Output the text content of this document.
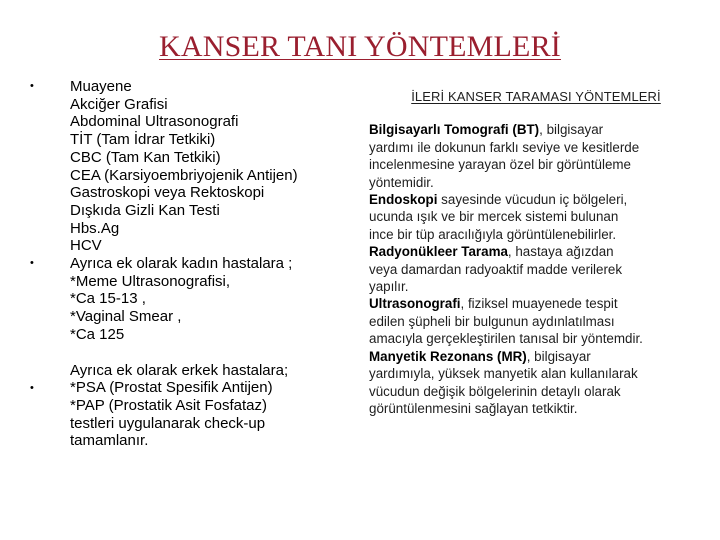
KANSER TANI YÖNTEMLERİ
• Muayene
Akciğer Grafisi
Abdominal Ultrasonografi
TİT (Tam İdrar Tetkiki)
CBC (Tam Kan Tetkiki)
CEA (Karsiyoembriyojenik Antijen)
Gastroskopi veya Rektoskopi
Dışkıda Gizli Kan Testi
Hbs.Ag
HCV
• Ayrıca ek olarak kadın hastalara ;
*Meme Ultrasonografisi,
*Ca 15-13 ,
*Vaginal Smear ,
*Ca 125
•
Ayrıca ek olarak erkek hastalara;
*PSA (Prostat Spesifik Antijen)
*PAP (Prostatik Asit Fosfataz)
testleri uygulanarak check-up
tamamlanır.
İLERİ KANSER TARAMASI YÖNTEMLERİ
Bilgisayarlı Tomografi (BT), bilgisayar
yardımı ile dokunun farklı seviye ve kesitlerde
incelenmesine yarayan özel bir görüntüleme
yöntemidir.
Endoskopi sayesinde vücudun iç bölgeleri,
ucunda ışık ve bir mercek sistemi bulunan
ince bir tüp aracılığıyla görüntülenebilirler.
Radyonükleer Tarama, hastaya ağızdan
veya damardan radyoaktif madde verilerek
yapılır.
Ultrasonografi, fiziksel muayenede tespit
edilen şüpheli bir bulgunun aydınlatılması
amacıyla gerçekleştirilen tanısal bir yöntemdir.
Manyetik Rezonans (MR), bilgisayar
yardımıyla, yüksek manyetik alan kullanılarak
vücudun değişik bölgelerinin detaylı olarak
görüntülenmesini sağlayan tetkiktir.
